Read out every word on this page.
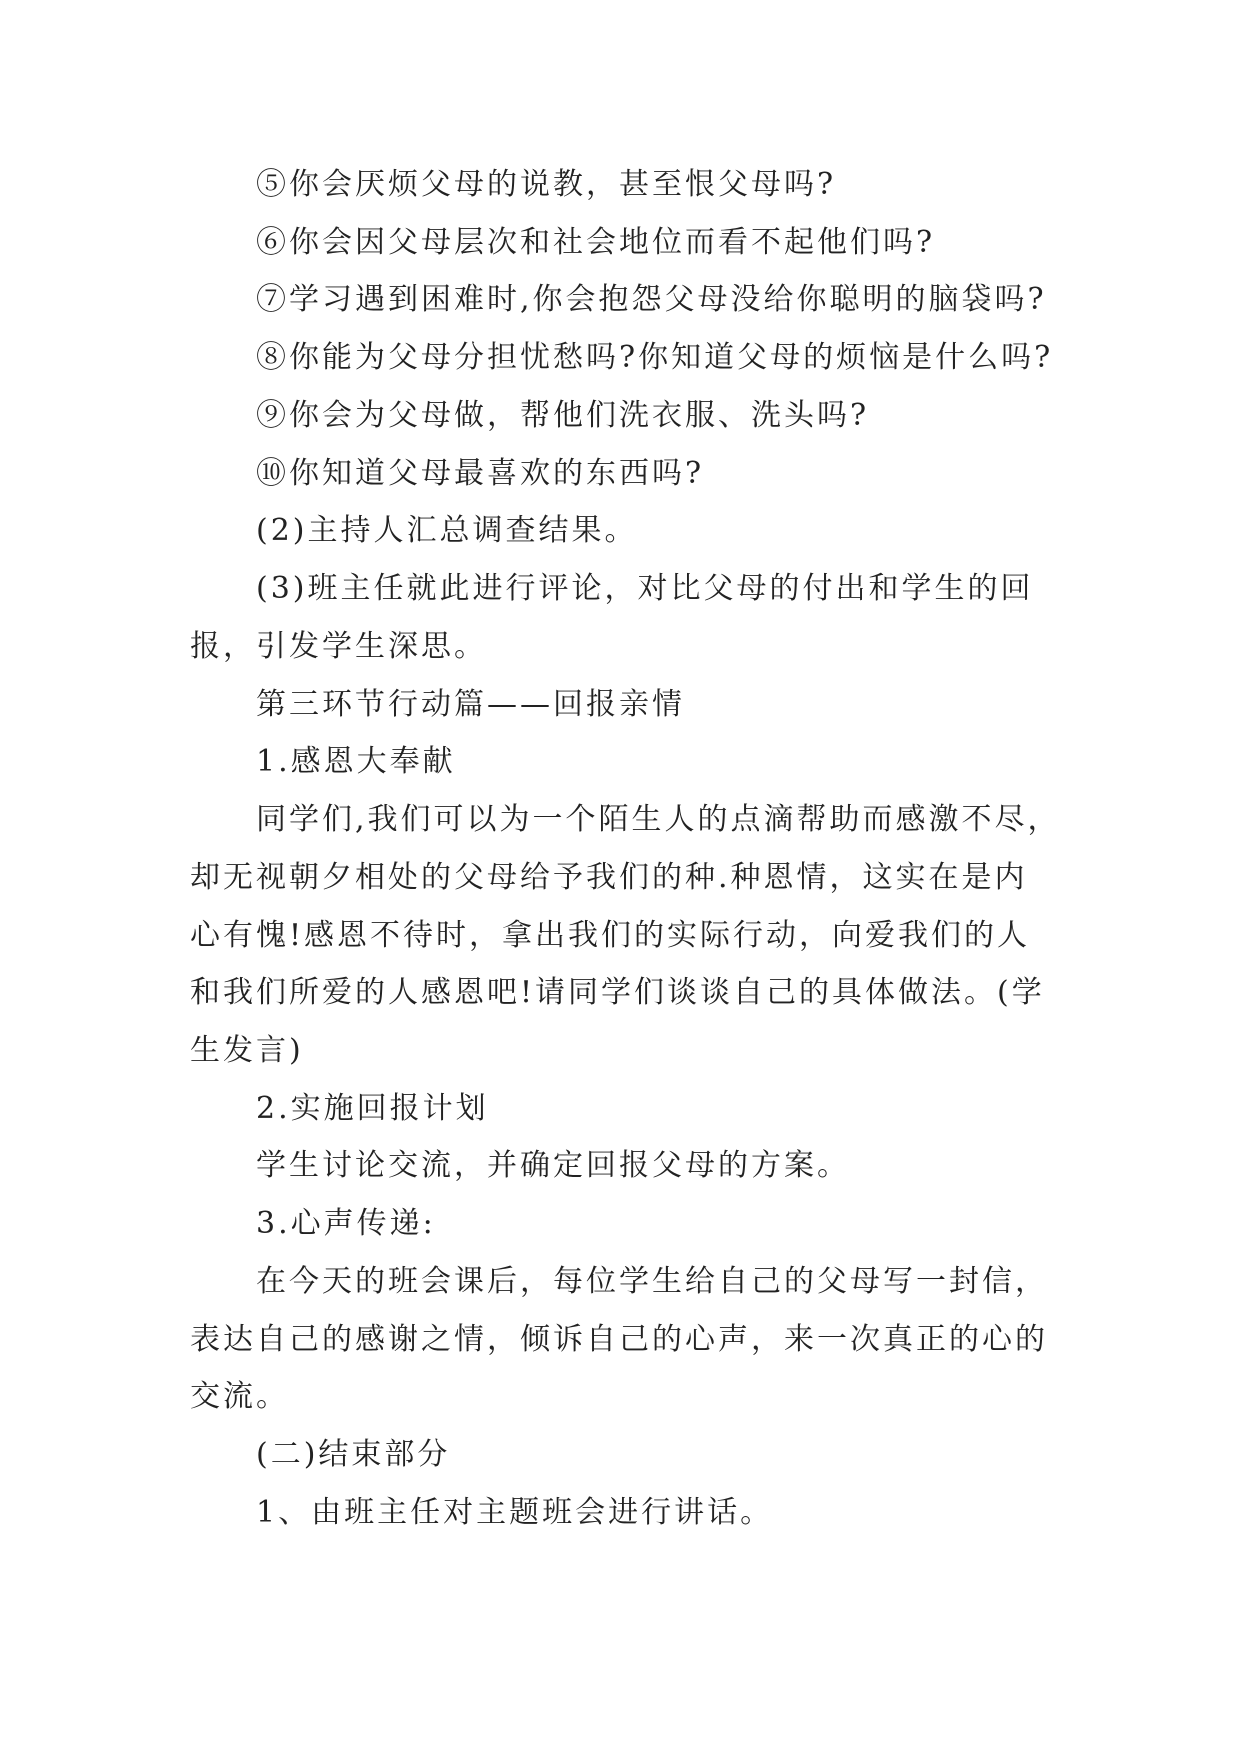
⑤你会厌烦父母的说教，甚至恨父母吗?

⑥你会因父母层次和社会地位而看不起他们吗?

⑦学习遇到困难时,你会抱怨父母没给你聪明的脑袋吗?

⑧你能为父母分担忧愁吗?你知道父母的烦恼是什么吗?

⑨你会为父母做，帮他们洗衣服、洗头吗?

⑩你知道父母最喜欢的东西吗?

(2)主持人汇总调查结果。

(3)班主任就此进行评论，对比父母的付出和学生的回

报，引发学生深思。

第三环节行动篇——回报亲情

1.感恩大奉献

同学们,我们可以为一个陌生人的点滴帮助而感激不尽，

却无视朝夕相处的父母给予我们的种.种恩情，这实在是内

心有愧!感恩不待时，拿出我们的实际行动，向爱我们的人

和我们所爱的人感恩吧!请同学们谈谈自己的具体做法。(学

生发言)

2.实施回报计划

学生讨论交流，并确定回报父母的方案。

3.心声传递:

在今天的班会课后，每位学生给自己的父母写一封信，

表达自己的感谢之情，倾诉自己的心声，来一次真正的心的

交流。

(二)结束部分

1、由班主任对主题班会进行讲话。
